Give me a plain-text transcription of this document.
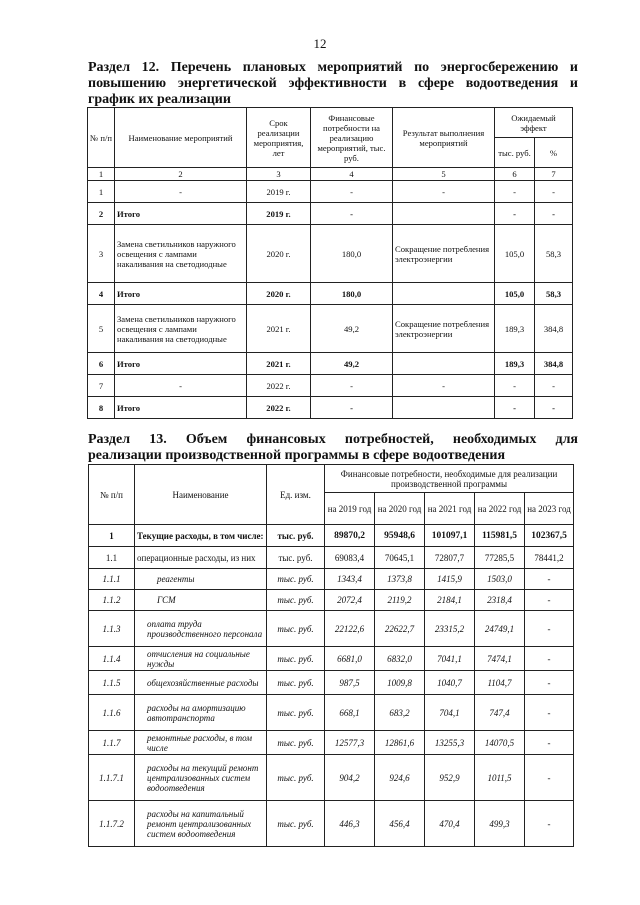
12
Раздел 12. Перечень плановых мероприятий по энергосбережению и
повышению энергетической эффективности в сфере водоотведения и
график их реализации
№ п/п	Наименование мероприятий	Срок реализации мероприятия, лет	Финансовые потребности на реализацию мероприятий, тыс. руб.	Результат выполнения мероприятий	Ожидаемый эффект	
					тыс. руб.	%
1	2	3	4	5	6	7
1	-	2019 г.	-	-	-	-
2	Итого	2019 г.	-		-	-
3	Замена светильников наружного освещения с лампами накаливания на светодиодные	2020 г.	180,0	Сокращение потребления электроэнергии	105,0	58,3
4	Итого	2020 г.	180,0		105,0	58,3
5	Замена светильников наружного освещения с лампами накаливания на светодиодные	2021 г.	49,2	Сокращение потребления электроэнергии	189,3	384,8
6	Итого	2021 г.	49,2		189,3	384,8
7	-	2022 г.	-	-	-	-
8	Итого	2022 г.	-		-	-
Раздел 13. Объем финансовых потребностей, необходимых для
реализации производственной программы в сфере водоотведения
№ п/п	Наименование	Ед. изм.	Финансовые потребности, необходимые для реализации производственной программы				
			на 2019 год	на 2020 год	на 2021 год	на 2022 год	на 2023 год
1	Текущие расходы, в том числе:	тыс. руб.	89870,2	95948,6	101097,1	115981,5	102367,5
1.1	операционные расходы, из них	тыс. руб.	69083,4	70645,1	72807,7	77285,5	78441,2
1.1.1	реагенты	тыс. руб.	1343,4	1373,8	1415,9	1503,0	-
1.1.2	ГСМ	тыс. руб.	2072,4	2119,2	2184,1	2318,4	-
1.1.3	оплата труда производственного персонала	тыс. руб.	22122,6	22622,7	23315,2	24749,1	-
1.1.4	отчисления на социальные нужды	тыс. руб.	6681,0	6832,0	7041,1	7474,1	-
1.1.5	общехозяйственные расходы	тыс. руб.	987,5	1009,8	1040,7	1104,7	-
1.1.6	расходы на амортизацию автотранспорта	тыс. руб.	668,1	683,2	704,1	747,4	-
1.1.7	ремонтные расходы, в том числе	тыс. руб.	12577,3	12861,6	13255,3	14070,5	-
1.1.7.1	расходы на текущий ремонт централизованных систем водоотведения	тыс. руб.	904,2	924,6	952,9	1011,5	-
1.1.7.2	расходы на капитальный ремонт централизованных систем водоотведения	тыс. руб.	446,3	456,4	470,4	499,3	-
